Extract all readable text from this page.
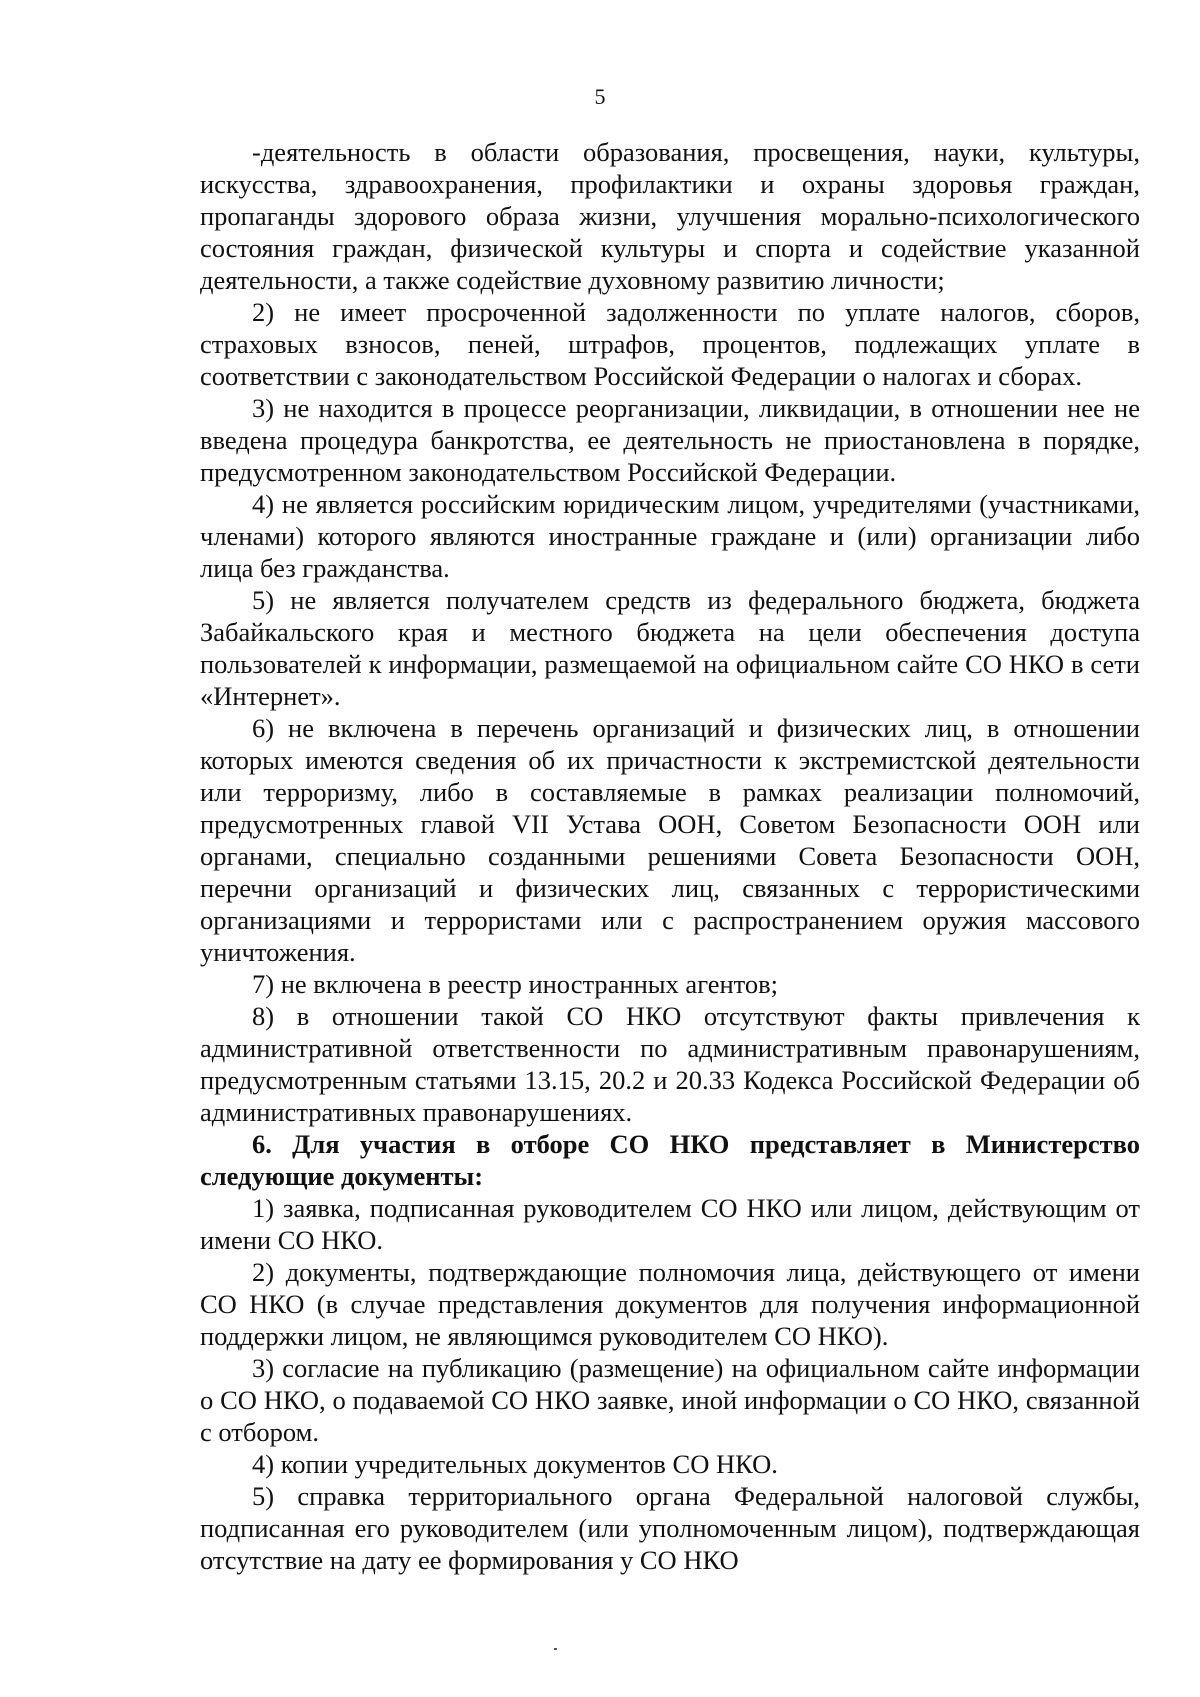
5

-деятельность в области образования, просвещения, науки, культуры, искусства, здравоохранения, профилактики и охраны здоровья граждан, пропаганды здорового образа жизни, улучшения морально-психологического состояния граждан, физической культуры и спорта и содействие указанной деятельности, а также содействие духовному развитию личности;

2) не имеет просроченной задолженности по уплате налогов, сборов, страховых взносов, пеней, штрафов, процентов, подлежащих уплате в соответствии с законодательством Российской Федерации о налогах и сборах.

3) не находится в процессе реорганизации, ликвидации, в отношении нее не введена процедура банкротства, ее деятельность не приостановлена в порядке, предусмотренном законодательством Российской Федерации.

4) не является российским юридическим лицом, учредителями (участниками, членами) которого являются иностранные граждане и (или) организации либо лица без гражданства.

5) не является получателем средств из федерального бюджета, бюджета Забайкальского края и местного бюджета на цели обеспечения доступа пользователей к информации, размещаемой на официальном сайте СО НКО в сети «Интернет».

6) не включена в перечень организаций и физических лиц, в отношении которых имеются сведения об их причастности к экстремистской деятельности или терроризму, либо в составляемые в рамках реализации полномочий, предусмотренных главой VII Устава ООН, Советом Безопасности ООН или органами, специально созданными решениями Совета Безопасности ООН, перечни организаций и физических лиц, связанных с террористическими организациями и террористами или с распространением оружия массового уничтожения.

7) не включена в реестр иностранных агентов;

8) в отношении такой СО НКО отсутствуют факты привлечения к административной ответственности по административным правонарушениям, предусмотренным статьями 13.15, 20.2 и 20.33 Кодекса Российской Федерации об административных правонарушениях.

6. Для участия в отборе СО НКО представляет в Министерство следующие документы:

1) заявка, подписанная руководителем СО НКО или лицом, действующим от имени СО НКО.

2) документы, подтверждающие полномочия лица, действующего от имени СО НКО (в случае представления документов для получения информационной поддержки лицом, не являющимся руководителем СО НКО).

3) согласие на публикацию (размещение) на официальном сайте информации о СО НКО, о подаваемой СО НКО заявке, иной информации о СО НКО, связанной с отбором.

4) копии учредительных документов СО НКО.

5) справка территориального органа Федеральной налоговой службы, подписанная его руководителем (или уполномоченным лицом), подтверждающая отсутствие на дату ее формирования у СО НКО
